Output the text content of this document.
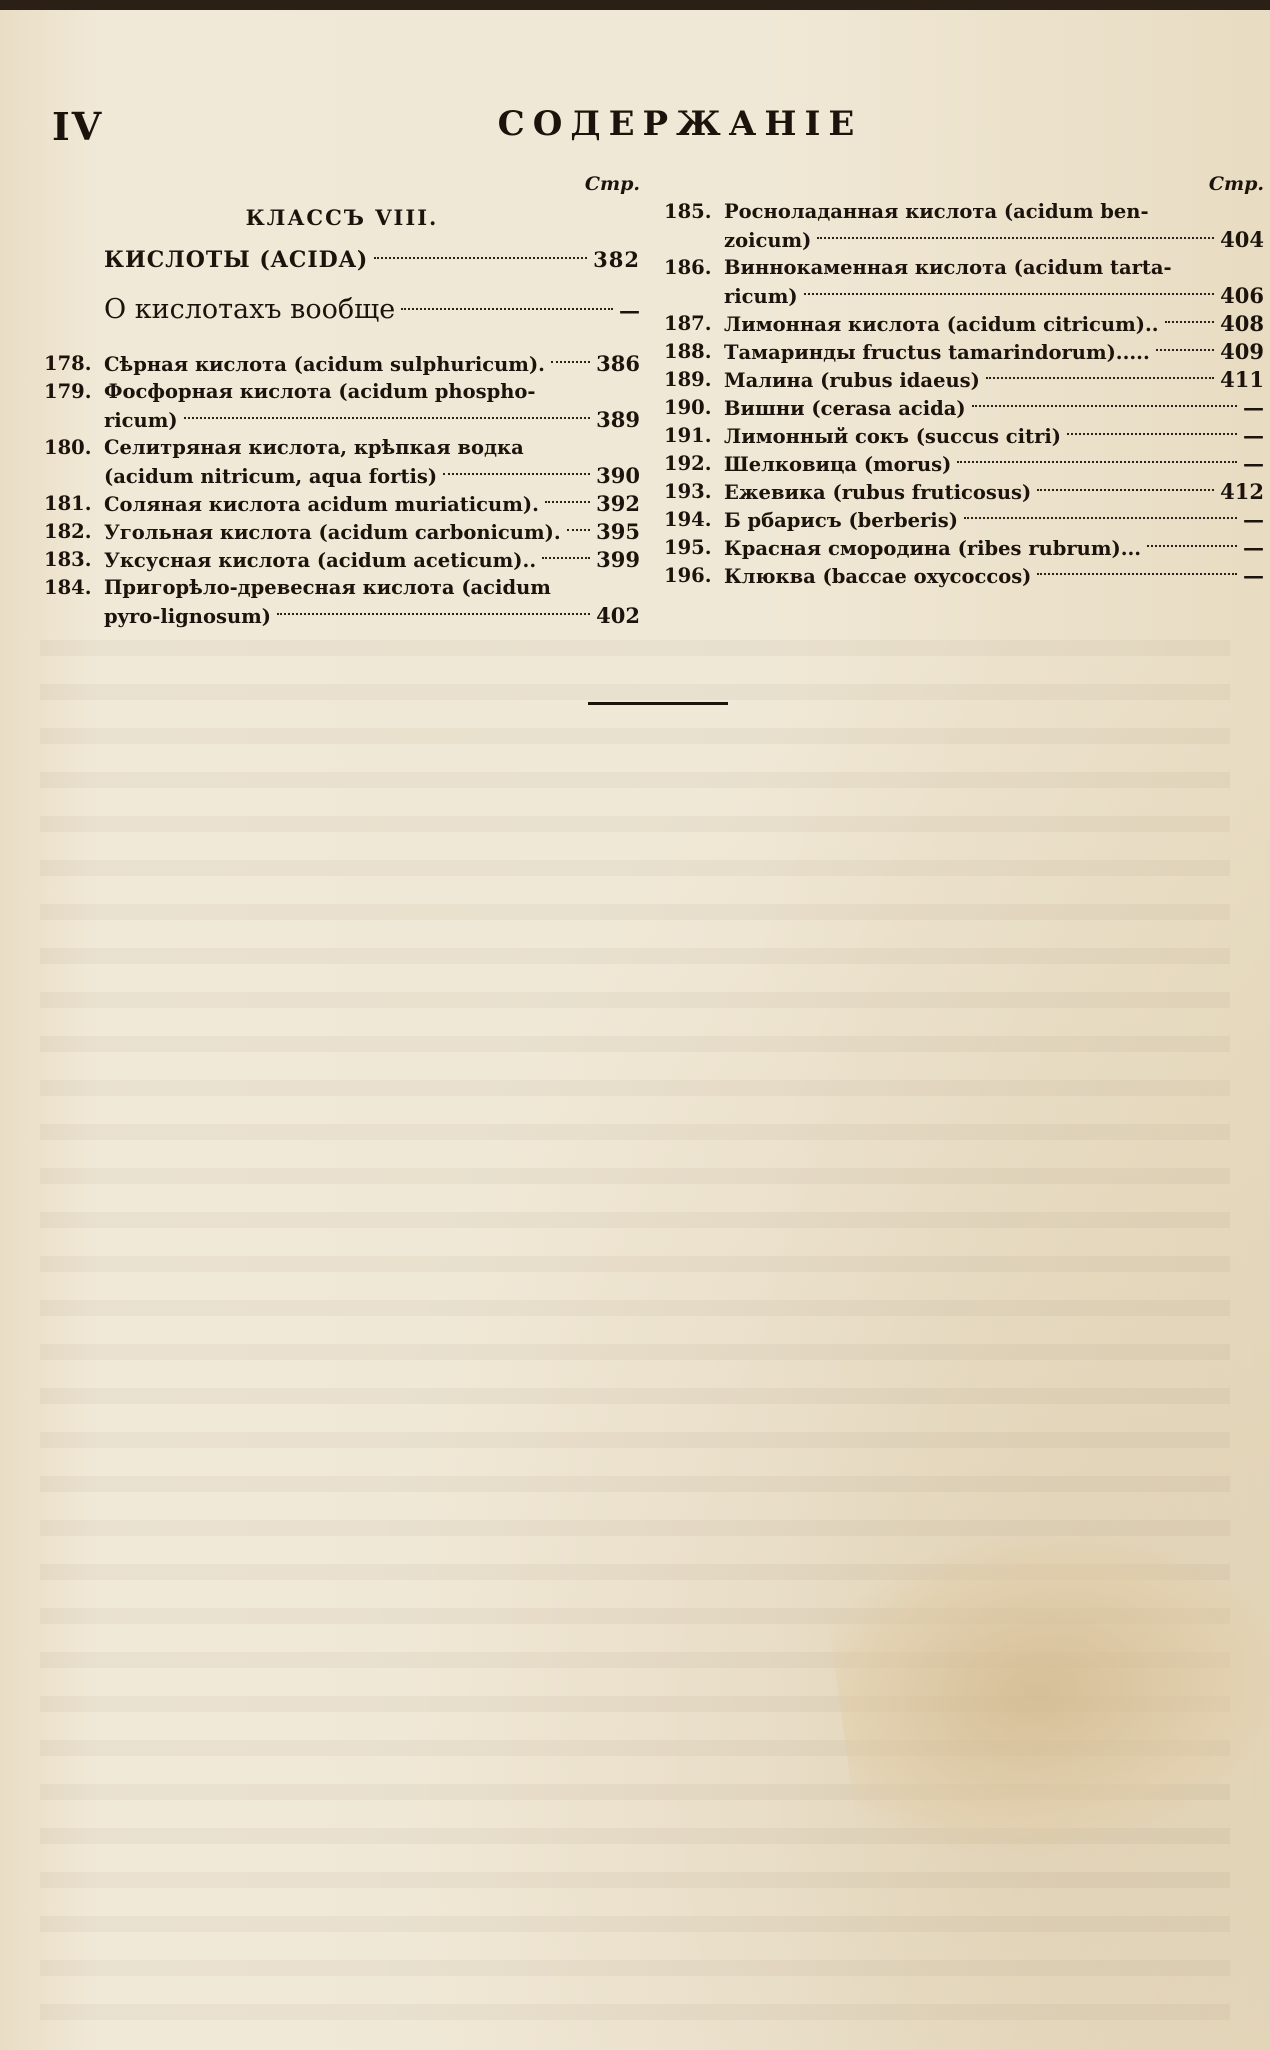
IV	СОДЕРЖАНІЕ
Стр.
КЛАССЪ VIII.
КИСЛОТЫ (ACIDA)	382
О кислотахъ вообще	—
178. Сѣрная кислота (acidum sulphuricum). 386
179. Фосфорная кислота (acidum phospho-
ricum)	389
180. Селитряная кислота, крѣпкая водка
(acidum nitricum, aqua fortis)	390
181. Соляная кислота acidum muriaticum).	392
182. Угольная кислота (acidum carbonicum). 395
183. Уксусная кислота (acidum aceticum)..	399
184. Пригорѣло-древесная кислота (acidum
pyro-lignosum)	402
Стр.
185. Росноладанная кислота (acidum ben-
zoicum)	404
186. Виннокаменная кислота (acidum tarta-
ricum)	406
187. Лимонная кислота (acidum citricum)..	408
188. Тамаринды fructus tamarindorum).....	409
189. Малина (rubus idaeus)	411
190. Вишни (cerasa acida)	—
191. Лимонный сокъ (succus citri)	—
192. Шелковица (morus)	—
193. Ежевика (rubus fruticosus)	412
194. Б рбарисъ (berberis)	—
195. Красная смородина (ribes rubrum)...	—
196. Клюква (baccae oxycoccos)	—
